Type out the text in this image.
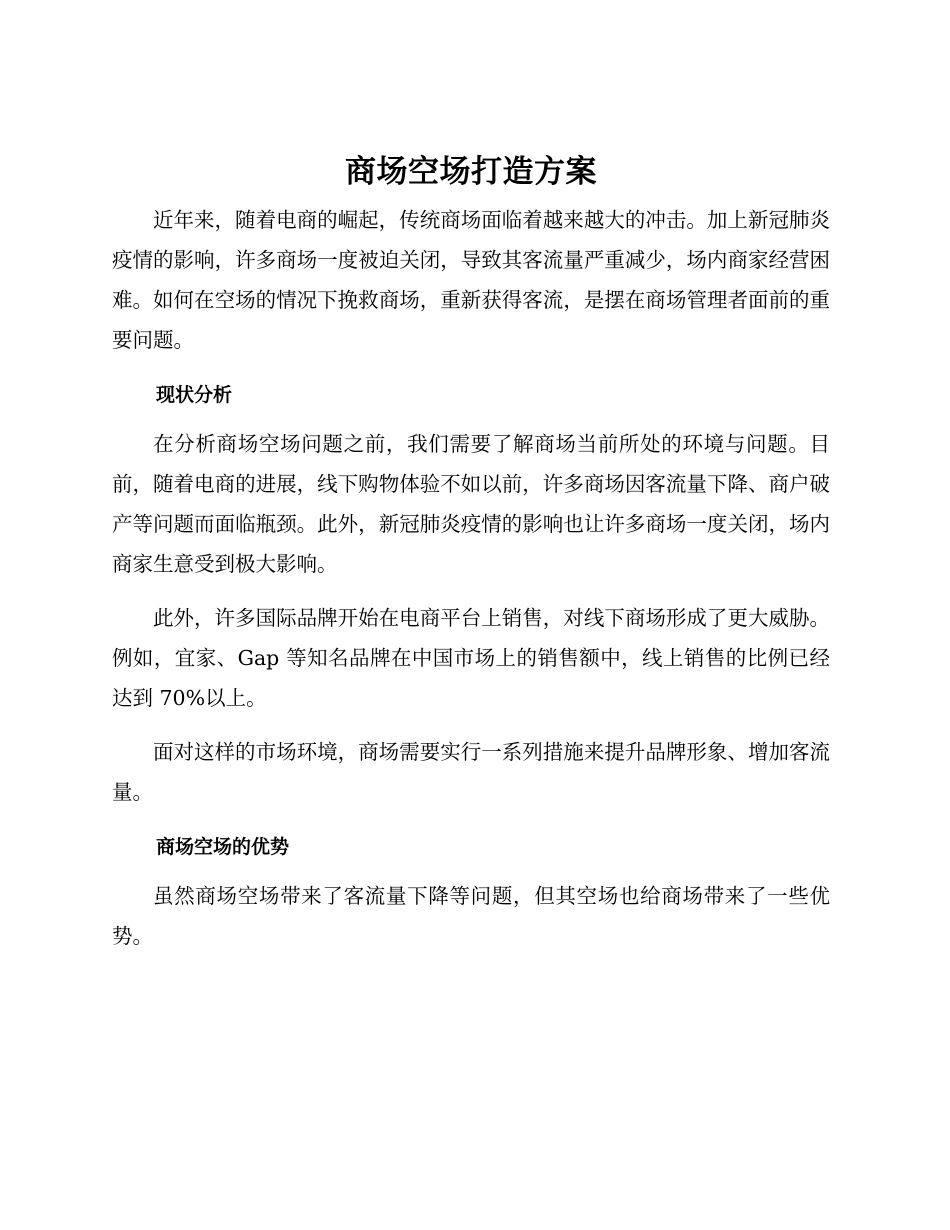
商场空场打造方案

近年来，随着电商的崛起，传统商场面临着越来越大的冲击。加上新冠肺炎疫情的影响，许多商场一度被迫关闭，导致其客流量严重减少，场内商家经营困难。如何在空场的情况下挽救商场，重新获得客流，是摆在商场管理者面前的重要问题。

现状分析

在分析商场空场问题之前，我们需要了解商场当前所处的环境与问题。目前，随着电商的进展，线下购物体验不如以前，许多商场因客流量下降、商户破产等问题而面临瓶颈。此外，新冠肺炎疫情的影响也让许多商场一度关闭，场内商家生意受到极大影响。

此外，许多国际品牌开始在电商平台上销售，对线下商场形成了更大威胁。例如，宜家、Gap 等知名品牌在中国市场上的销售额中，线上销售的比例已经达到 70%以上。

面对这样的市场环境，商场需要实行一系列措施来提升品牌形象、增加客流量。

商场空场的优势

虽然商场空场带来了客流量下降等问题，但其空场也给商场带来了一些优势。
